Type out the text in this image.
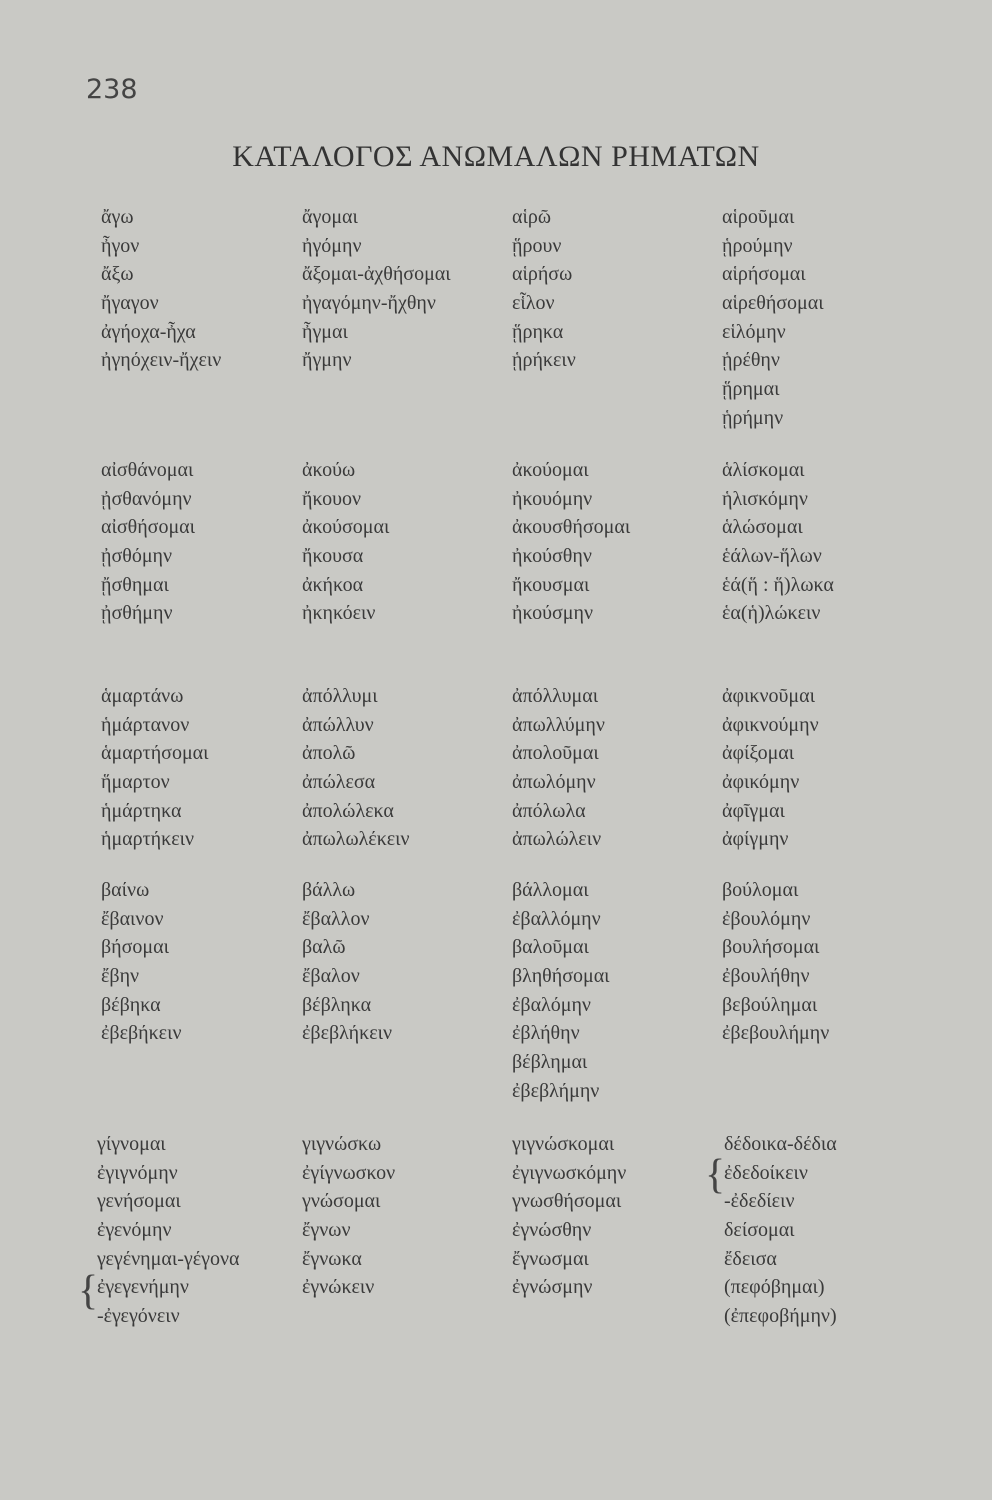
238
ΚΑΤΑΛΟΓΟΣ ΑΝΩΜΑΛΩΝ ΡΗΜΑΤΩΝ
ἄγω
ἦγον
ἄξω
ἤγαγον
ἀγήοχα-ἦχα
ἠγηόχειν-ἤχειν
ἄγομαι
ἠγόμην
ἄξομαι-ἀχθήσομαι
ἠγαγόμην-ἤχθην
ἦγμαι
ἤγμην
αἱρῶ
ᾕρουν
αἱρήσω
εἷλον
ᾕρηκα
ᾑρήκειν
αἱροῦμαι
ᾑρούμην
αἱρήσομαι
αἱρεθήσομαι
εἱλόμην
ᾑρέθην
ᾕρημαι
ᾑρήμην
αἰσθάνομαι
ᾐσθανόμην
αἰσθήσομαι
ᾐσθόμην
ᾔσθημαι
ᾐσθήμην
ἀκούω
ἤκουον
ἀκούσομαι
ἤκουσα
ἀκήκοα
ἠκηκόειν
ἀκούομαι
ἠκουόμην
ἀκουσθήσομαι
ἠκούσθην
ἤκουσμαι
ἠκούσμην
ἁλίσκομαι
ἡλισκόμην
ἁλώσομαι
ἑάλων-ἥλων
ἑά(ἥ : ἥ)λωκα
ἑα(ἡ)λώκειν
ἁμαρτάνω
ἡμάρτανον
ἁμαρτήσομαι
ἥμαρτον
ἡμάρτηκα
ἡμαρτήκειν
ἀπόλλυμι
ἀπώλλυν
ἀπολῶ
ἀπώλεσα
ἀπολώλεκα
ἀπωλωλέκειν
ἀπόλλυμαι
ἀπωλλύμην
ἀπολοῦμαι
ἀπωλόμην
ἀπόλωλα
ἀπωλώλειν
ἀφικνοῦμαι
ἀφικνούμην
ἀφίξομαι
ἀφικόμην
ἀφῖγμαι
ἀφίγμην
βαίνω
ἔβαινον
βήσομαι
ἔβην
βέβηκα
ἐβεβήκειν
βάλλω
ἔβαλλον
βαλῶ
ἔβαλον
βέβληκα
ἐβεβλήκειν
βάλλομαι
ἐβαλλόμην
βαλοῦμαι
βληθήσομαι
ἐβαλόμην
ἐβλήθην
βέβλημαι
ἐβεβλήμην
βούλομαι
ἐβουλόμην
βουλήσομαι
ἐβουλήθην
βεβούλημαι
ἐβεβουλήμην
γίγνομαι
ἐγιγνόμην
γενήσομαι
ἐγενόμην
γεγένημαι-γέγονα
ἐγεγενήμην
-ἐγεγόνειν
{
γιγνώσκω
ἐγίγνωσκον
γνώσομαι
ἔγνων
ἔγνωκα
ἐγνώκειν
γιγνώσκομαι
ἐγιγνωσκόμην
γνωσθήσομαι
ἐγνώσθην
ἔγνωσμαι
ἐγνώσμην
δέδοικα-δέδια
ἐδεδοίκειν
-ἐδεδίειν
δείσομαι
ἔδεισα
(πεφόβημαι)
(ἐπεφοβήμην)
{
